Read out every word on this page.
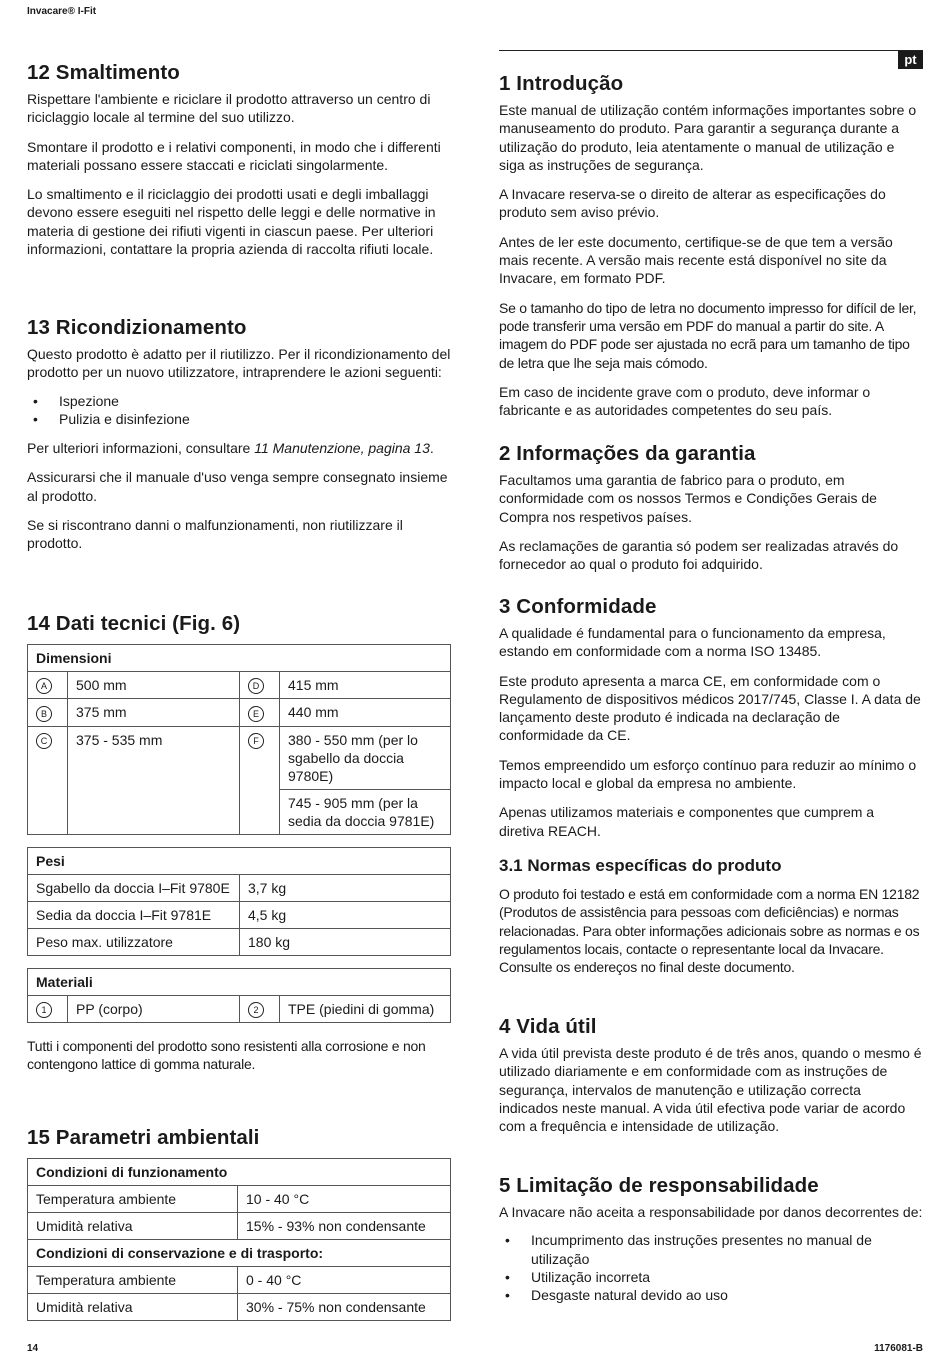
Invacare® I-Fit
12 Smaltimento

Rispettare l'ambiente e riciclare il prodotto attraverso un centro di riciclaggio locale al termine del suo utilizzo.

Smontare il prodotto e i relativi componenti, in modo che i differenti materiali possano essere staccati e riciclati singolarmente.

Lo smaltimento e il riciclaggio dei prodotti usati e degli imballaggi devono essere eseguiti nel rispetto delle leggi e delle normative in materia di gestione dei rifiuti vigenti in ciascun paese. Per ulteriori informazioni, contattare la propria azienda di raccolta rifiuti locale.

13 Ricondizionamento

Questo prodotto è adatto per il riutilizzo. Per il ricondizionamento del prodotto per un nuovo utilizzatore, intraprendere le azioni seguenti:

• Ispezione
• Pulizia e disinfezione

Per ulteriori informazioni, consultare 11 Manutenzione, pagina 13.

Assicurarsi che il manuale d'uso venga sempre consegnato insieme al prodotto.

Se si riscontrano danni o malfunzionamenti, non riutilizzare il prodotto.

14 Dati tecnici (Fig. 6)
Dimensioni			
A	500 mm	D	415 mm
B	375 mm	E	440 mm
C	375 - 535 mm	F	380 - 550 mm (per lo sgabello da doccia 9780E)
			745 - 905 mm (per la sedia da doccia 9781E)
Pesi	
Sgabello da doccia I–Fit 9780E	3,7 kg
Sedia da doccia I–Fit 9781E	4,5 kg
Peso max. utilizzatore	180 kg
Materiali
1	PP (corpo)	2	TPE (piedini di gomma)

Tutti i componenti del prodotto sono resistenti alla corrosione e non contengono lattice di gomma naturale.

15 Parametri ambientali
Condizioni di funzionamento	
Temperatura ambiente	10 - 40 °C
Umidità relativa	15% - 93% non condensante
Condizioni di conservazione e di trasporto:	
Temperatura ambiente	0 - 40 °C
Umidità relativa	30% - 75% non condensante
pt
1 Introdução

Este manual de utilização contém informações importantes sobre o manuseamento do produto. Para garantir a segurança durante a utilização do produto, leia atentamente o manual de utilização e siga as instruções de segurança.

A Invacare reserva-se o direito de alterar as especificações do produto sem aviso prévio.

Antes de ler este documento, certifique-se de que tem a versão mais recente. A versão mais recente está disponível no site da Invacare, em formato PDF.

Se o tamanho do tipo de letra no documento impresso for difícil de ler, pode transferir uma versão em PDF do manual a partir do site. A imagem do PDF pode ser ajustada no ecrã para um tamanho de tipo de letra que lhe seja mais cómodo.

Em caso de incidente grave com o produto, deve informar o fabricante e as autoridades competentes do seu país.

2 Informações da garantia

Facultamos uma garantia de fabrico para o produto, em conformidade com os nossos Termos e Condições Gerais de Compra nos respetivos países.

As reclamações de garantia só podem ser realizadas através do fornecedor ao qual o produto foi adquirido.

3 Conformidade

A qualidade é fundamental para o funcionamento da empresa, estando em conformidade com a norma ISO 13485.

Este produto apresenta a marca CE, em conformidade com o Regulamento de dispositivos médicos 2017/745, Classe I. A data de lançamento deste produto é indicada na declaração de conformidade da CE.

Temos empreendido um esforço contínuo para reduzir ao mínimo o impacto local e global da empresa no ambiente.

Apenas utilizamos materiais e componentes que cumprem a diretiva REACH.

3.1 Normas específicas do produto

O produto foi testado e está em conformidade com a norma EN 12182 (Produtos de assistência para pessoas com deficiências) e normas relacionadas. Para obter informações adicionais sobre as normas e os regulamentos locais, contacte o representante local da Invacare. Consulte os endereços no final deste documento.

4 Vida útil

A vida útil prevista deste produto é de três anos, quando o mesmo é utilizado diariamente e em conformidade com as instruções de segurança, intervalos de manutenção e utilização correcta indicados neste manual. A vida útil efectiva pode variar de acordo com a frequência e intensidade de utilização.

5 Limitação de responsabilidade

A Invacare não aceita a responsabilidade por danos decorrentes de:

• Incumprimento das instruções presentes no manual de utilização
• Utilização incorreta
• Desgaste natural devido ao uso
14	1176081-B
